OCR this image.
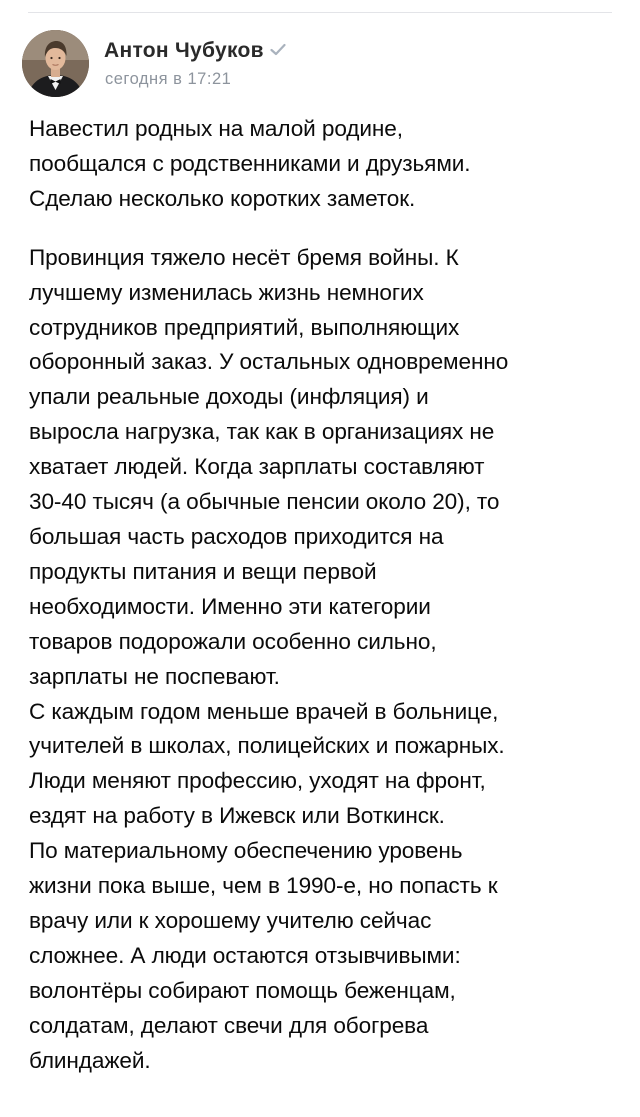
Антон Чубуков
сегодня в 17:21
Навестил родных на малой родине,
пообщался с родственниками и друзьями.
Сделаю несколько коротких заметок.
Провинция тяжело несёт бремя войны. К
лучшему изменилась жизнь немногих
сотрудников предприятий, выполняющих
оборонный заказ. У остальных одновременно
упали реальные доходы (инфляция) и
выросла нагрузка, так как в организациях не
хватает людей. Когда зарплаты составляют
30-40 тысяч (а обычные пенсии около 20), то
большая часть расходов приходится на
продукты питания и вещи первой
необходимости. Именно эти категории
товаров подорожали особенно сильно,
зарплаты не поспевают.
С каждым годом меньше врачей в больнице,
учителей в школах, полицейских и пожарных.
Люди меняют профессию, уходят на фронт,
ездят на работу в Ижевск или Воткинск.
По материальному обеспечению уровень
жизни пока выше, чем в 1990-е, но попасть к
врачу или к хорошему учителю сейчас
сложнее. А люди остаются отзывчивыми:
волонтёры собирают помощь беженцам,
солдатам, делают свечи для обогрева
блиндажей.
